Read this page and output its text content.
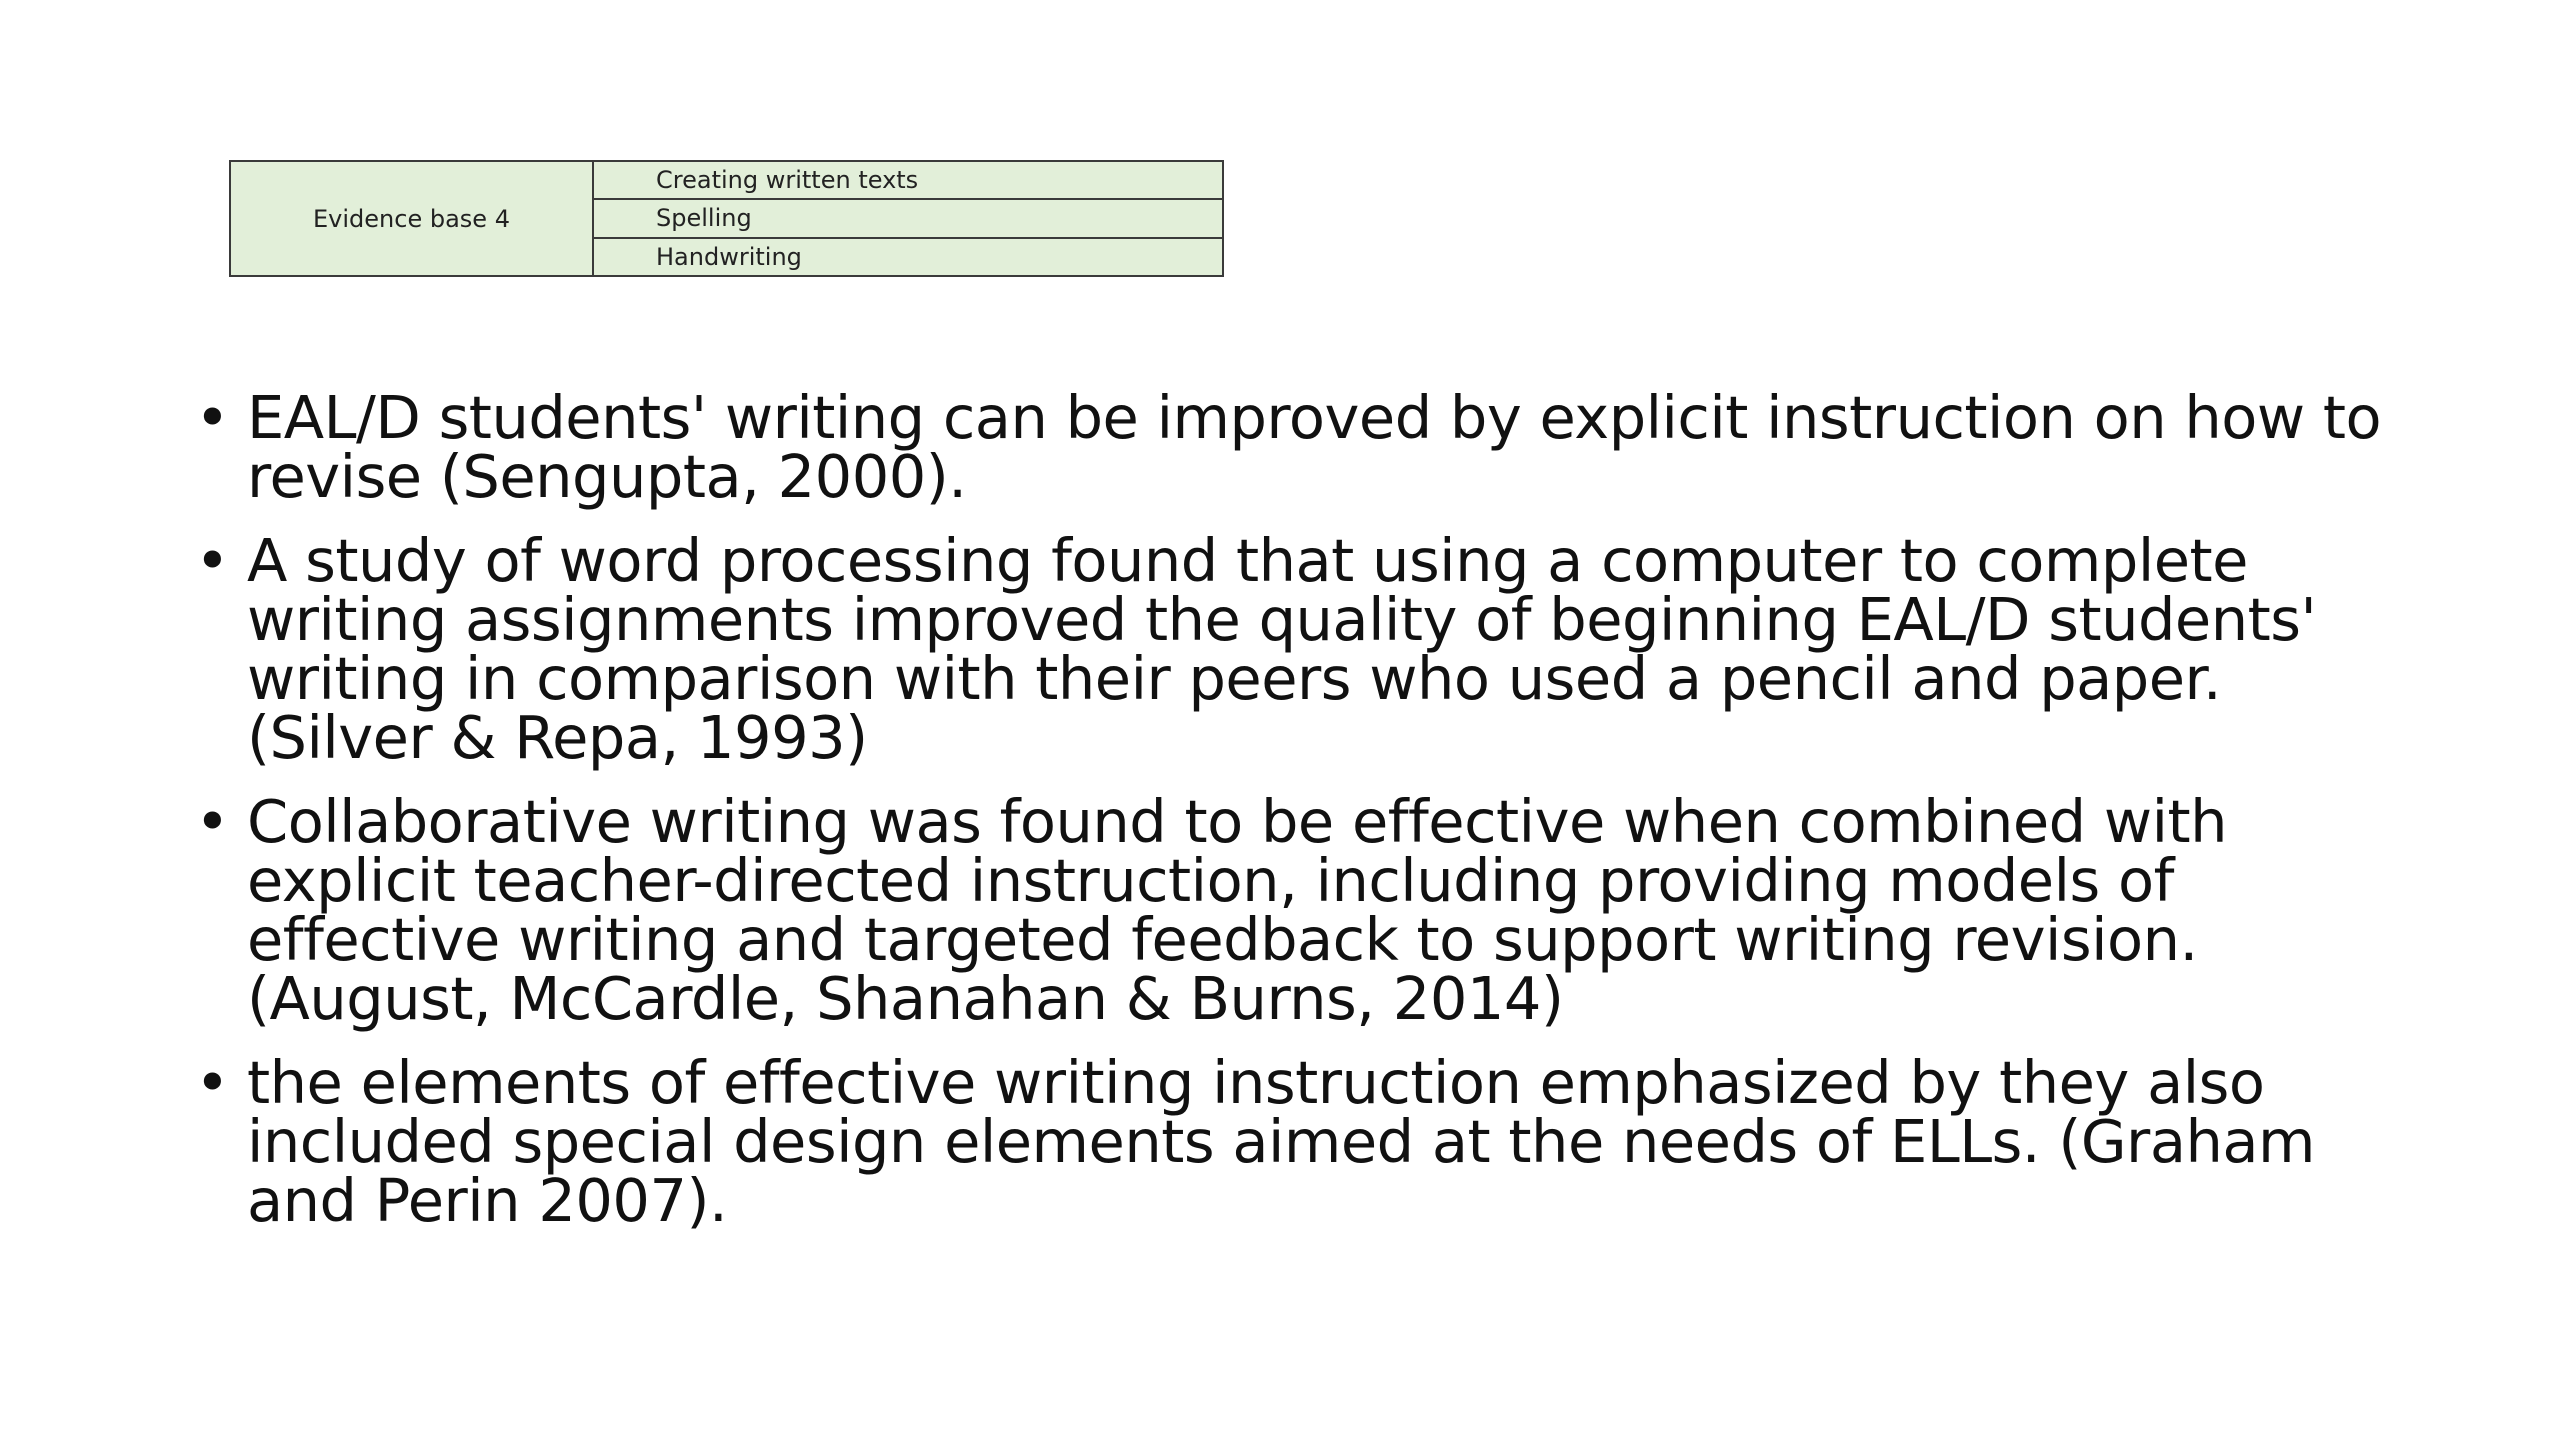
Evidence base 4	Creating written texts
Spelling
Handwriting
• EAL/D students' writing can be improved by explicit instruction on how to revise (Sengupta, 2000).
• A study of word processing found that using a computer to complete writing assignments improved the quality of beginning EAL/D students' writing in comparison with their peers who used a pencil and paper. (Silver & Repa, 1993)
• Collaborative writing was found to be effective when combined with explicit teacher-directed instruction, including providing models of effective writing and targeted feedback to support writing revision. (August, McCardle, Shanahan & Burns, 2014)
• the elements of effective writing instruction emphasized by they also included special design elements aimed at the needs of ELLs. (Graham and Perin 2007).
